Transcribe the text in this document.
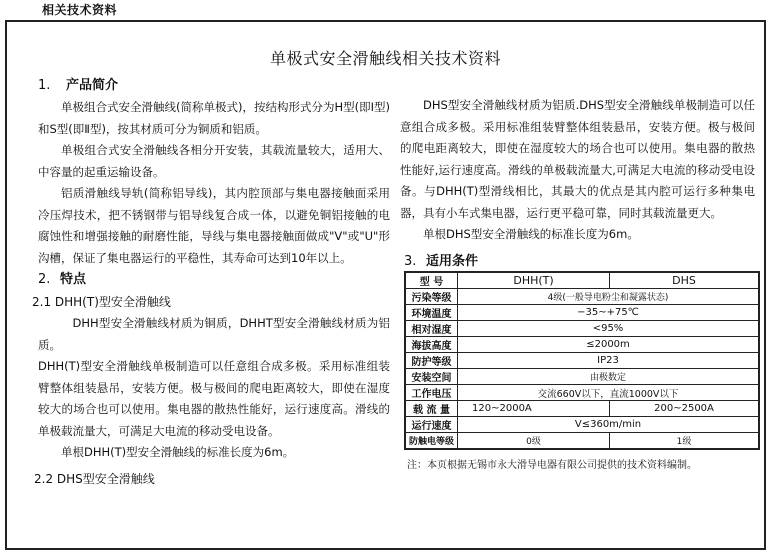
相关技术资料
单极式安全滑触线相关技术资料
1. 产品简介

单极组合式安全滑触线(简称单极式)，按结构形式分为H型(即Ⅰ型)和S型(即Ⅱ型)，按其材质可分为铜质和铝质。

单极组合式安全滑触线各相分开安装，其载流量较大，适用大、中容量的起重运输设备。

铝质滑触线导轨(简称铝导线)，其内腔顶部与集电器接触面采用冷压焊技术，把不锈钢带与铝导线复合成一体，以避免铜铝接触的电腐蚀性和增强接触的耐磨性能，导线与集电器接触面做成"V"或"U"形沟槽，保证了集电器运行的平稳性，其寿命可达到10年以上。

2. 特点
2.1 DHH(T)型安全滑触线

DHH型安全滑触线材质为铜质，DHHT型安全滑触线材质为铝质。

DHH(T)型安全滑触线单极制造可以任意组合成多极。采用标准组装臂整体组装悬吊，安装方便。极与极间的爬电距离较大，即使在湿度较大的场合也可以使用。集电器的散热性能好，运行速度高。滑线的单极载流量大，可满足大电流的移动受电设备。

单根DHH(T)型安全滑触线的标准长度为6m。

2.2 DHS型安全滑触线

DHS型安全滑触线材质为铝质.DHS型安全滑触线单极制造可以任意组合成多极。采用标准组装臂整体组装悬吊，安装方便。极与极间的爬电距离较大，即使在湿度较大的场合也可以使用。集电器的散热性能好,运行速度高。滑线的单极载流量大,可满足大电流的移动受电设备。与DHH(T)型滑线相比，其最大的优点是其内腔可运行多种集电器，具有小车式集电器，运行更平稳可靠，同时其载流量更大。

单根DHS型安全滑触线的标准长度为6m。

3. 适用条件
型 号	DHH(T)	DHS
污染等级	4级(一般导电粉尘和凝露状态)	
环境温度	−35~+75℃	
相对湿度	<95%	
海拔高度	≤2000m	
防护等级	IP23	
安装空间	由极数定	
工作电压	交流660V以下，直流1000V以下	
载 流 量	120~2000A	200~2500A
运行速度	V≤360m/min	
防触电等级	0级	1级
注：本页根据无锡市永大滑导电器有限公司提供的技术资料编制。
